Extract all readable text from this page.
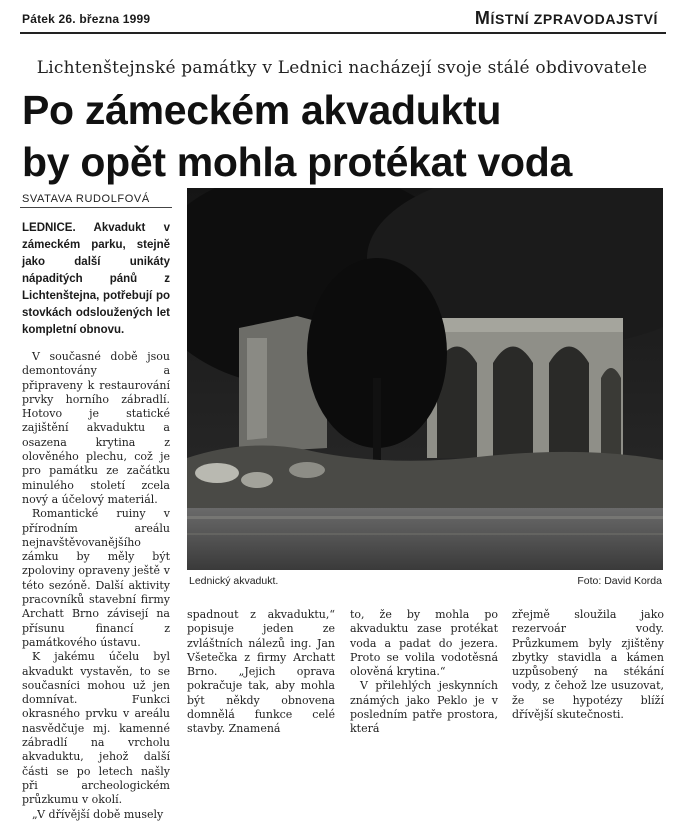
Pátek 26. března 1999	MÍSTNÍ ZPRAVODAJSTVÍ
Lichtenštejnské památky v Lednici nacházejí svoje stálé obdivovatele
Po zámeckém akvaduktu
by opět mohla protékat voda
SVATAVA RUDOLFOVÁ

LEDNICE. Akvadukt v zámeckém parku, stejně jako další unikáty nápaditých pánů z Lichtenštejna, potřebují po stovkách odsloužených let kompletní obnovu.

V současné době jsou demontovány a připraveny k restaurování prvky horního zábradlí. Hotovo je statické zajištění akvaduktu a osazena krytina z olověného plechu, což je pro památku ze začátku minulého století zcela nový a účelový materiál.

Romantické ruiny v přírodním areálu nejnavštěvovanějšího zámku by měly být zpoloviny opraveny ještě v této sezóně. Další aktivity pracovníků stavební firmy Archatt Brno závisejí na přísunu financí z památkového ústavu.

K jakému účelu byl akvadukt vystavěn, to se současníci mohou už jen domnívat. Funkci okrasného prvku v areálu nasvědčuje mj. kamenné zábradlí na vrcholu akvaduktu, jehož další části se po letech našly při archeologickém průzkumu v okolí.

„V dřívější době musely

Lednický akvadukt.	Foto: David Korda

spadnout z akvaduktu,“ popisuje jeden ze zvláštních nálezů ing. Jan Všetečka z firmy Archatt Brno. „Jejich oprava pokračuje tak, aby mohla být někdy obnovena domnělá funkce celé stavby. Znamená

to, že by mohla po akvaduktu zase protékat voda a padat do jezera. Proto se volila vodotěsná olověná krytina.“

V přilehlých jeskynních známých jako Peklo je v posledním patře prostora, která

zřejmě sloužila jako rezervoár vody. Průzkumem byly zjištěny zbytky stavidla a kámen uzpůsobený na stékání vody, z čehož lze usuzovat, že se hypotézy blíží dřívější skutečnosti.
